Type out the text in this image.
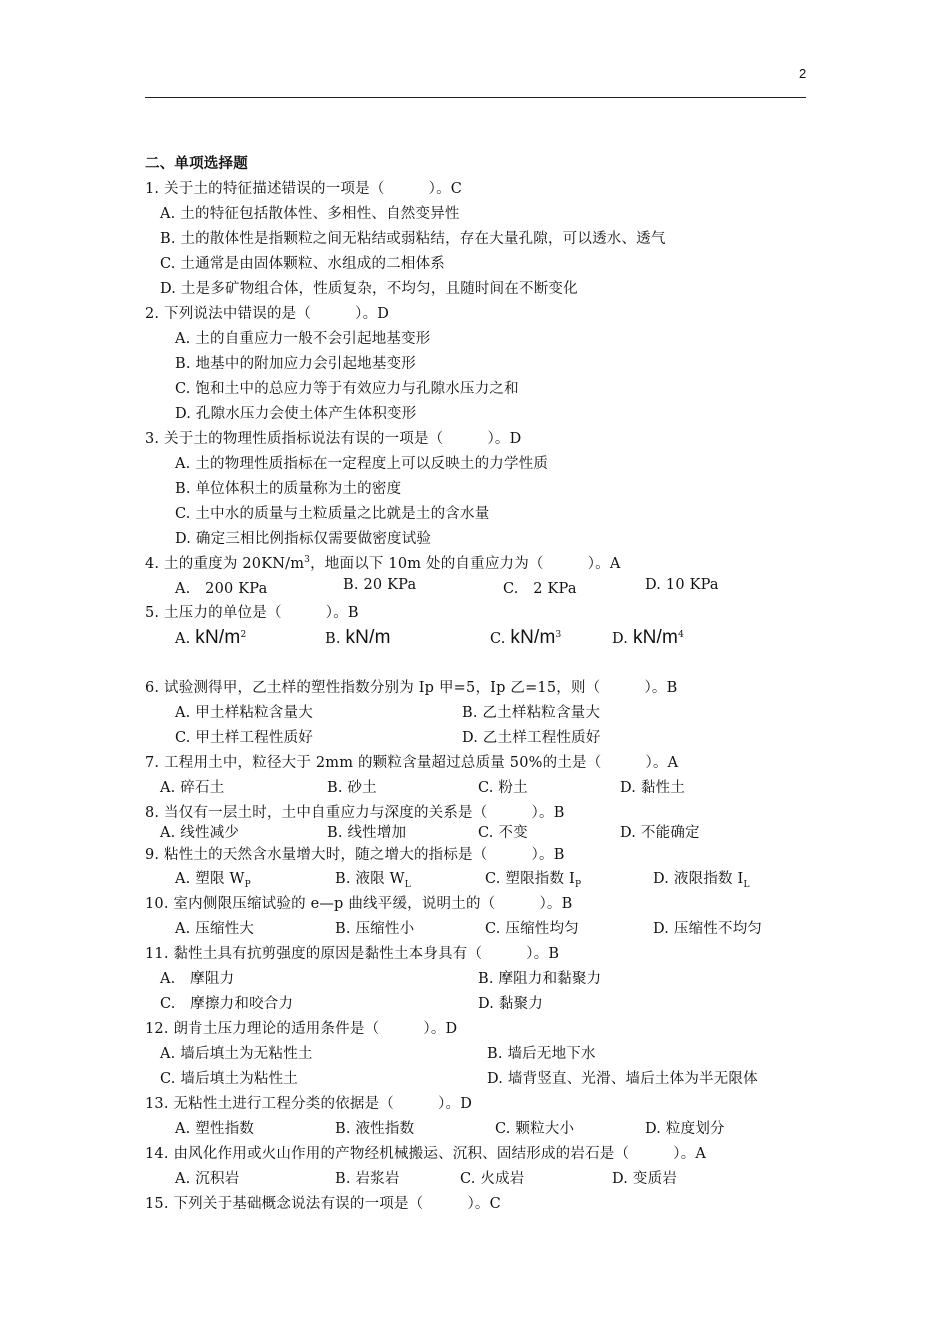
2
二、单项选择题
1. 关于土的特征描述错误的一项是（　　　）。C
A. 土的特征包括散体性、多相性、自然变异性
B. 土的散体性是指颗粒之间无粘结或弱粘结，存在大量孔隙，可以透水、透气
C. 土通常是由固体颗粒、水组成的二相体系
D. 土是多矿物组合体，性质复杂，不均匀，且随时间在不断变化
2. 下列说法中错误的是（　　　）。D
A. 土的自重应力一般不会引起地基变形
B. 地基中的附加应力会引起地基变形
C. 饱和土中的总应力等于有效应力与孔隙水压力之和
D. 孔隙水压力会使土体产生体积变形
3. 关于土的物理性质指标说法有误的一项是（　　　）。D
A. 土的物理性质指标在一定程度上可以反映土的力学性质
B. 单位体积土的质量称为土的密度
C. 土中水的质量与土粒质量之比就是土的含水量
D. 确定三相比例指标仅需要做密度试验
4. 土的重度为 $20KN/m^3$，地面以下 10m 处的自重应力为（　　　）。A
A.　200 KPa	B. 20 KPa	C.　2 KPa	D. 10 KPa
5. 土压力的单位是（　　　）。B
A. $kN/m^2$	B. kN/m	C. $kN/m^3$	D. $kN/m^4$
6. 试验测得甲，乙土样的塑性指数分别为 Ip 甲=5，Ip 乙=15，则（　　　）。B
A. 甲土样粘粒含量大	B. 乙土样粘粒含量大
C. 甲土样工程性质好	D. 乙土样工程性质好
7. 工程用土中，粒径大于 2mm 的颗粒含量超过总质量 50%的土是（　　　）。A
A. 碎石土	B. 砂土	C. 粉土	D. 黏性土
8. 当仅有一层土时，土中自重应力与深度的关系是（　　　）。B
A. 线性减少	B. 线性增加	C. 不变	D. 不能确定
9. 粘性土的天然含水量增大时，随之增大的指标是（　　　）。B
A. 塑限 $W_P$	B. 液限 $W_L$	C. 塑限指数 $I_P$	D. 液限指数 $I_L$
10. 室内侧限压缩试验的 e—p 曲线平缓，说明土的（　　　）。B
A. 压缩性大	B. 压缩性小	C. 压缩性均匀	D. 压缩性不均匀
11. 黏性土具有抗剪强度的原因是黏性土本身具有（　　　）。B
A.　摩阻力	B. 摩阻力和黏聚力
C.　摩擦力和咬合力	D. 黏聚力
12. 朗肯土压力理论的适用条件是（　　　）。D
A. 墙后填土为无粘性土	B. 墙后无地下水
C. 墙后填土为粘性土	D. 墙背竖直、光滑、墙后土体为半无限体
13. 无粘性土进行工程分类的依据是（　　　）。D
A. 塑性指数	B. 液性指数	C. 颗粒大小	D. 粒度划分
14. 由风化作用或火山作用的产物经机械搬运、沉积、固结形成的岩石是（　　　）。A
A. 沉积岩	B. 岩浆岩	C. 火成岩	D. 变质岩
15. 下列关于基础概念说法有误的一项是（　　　）。C
